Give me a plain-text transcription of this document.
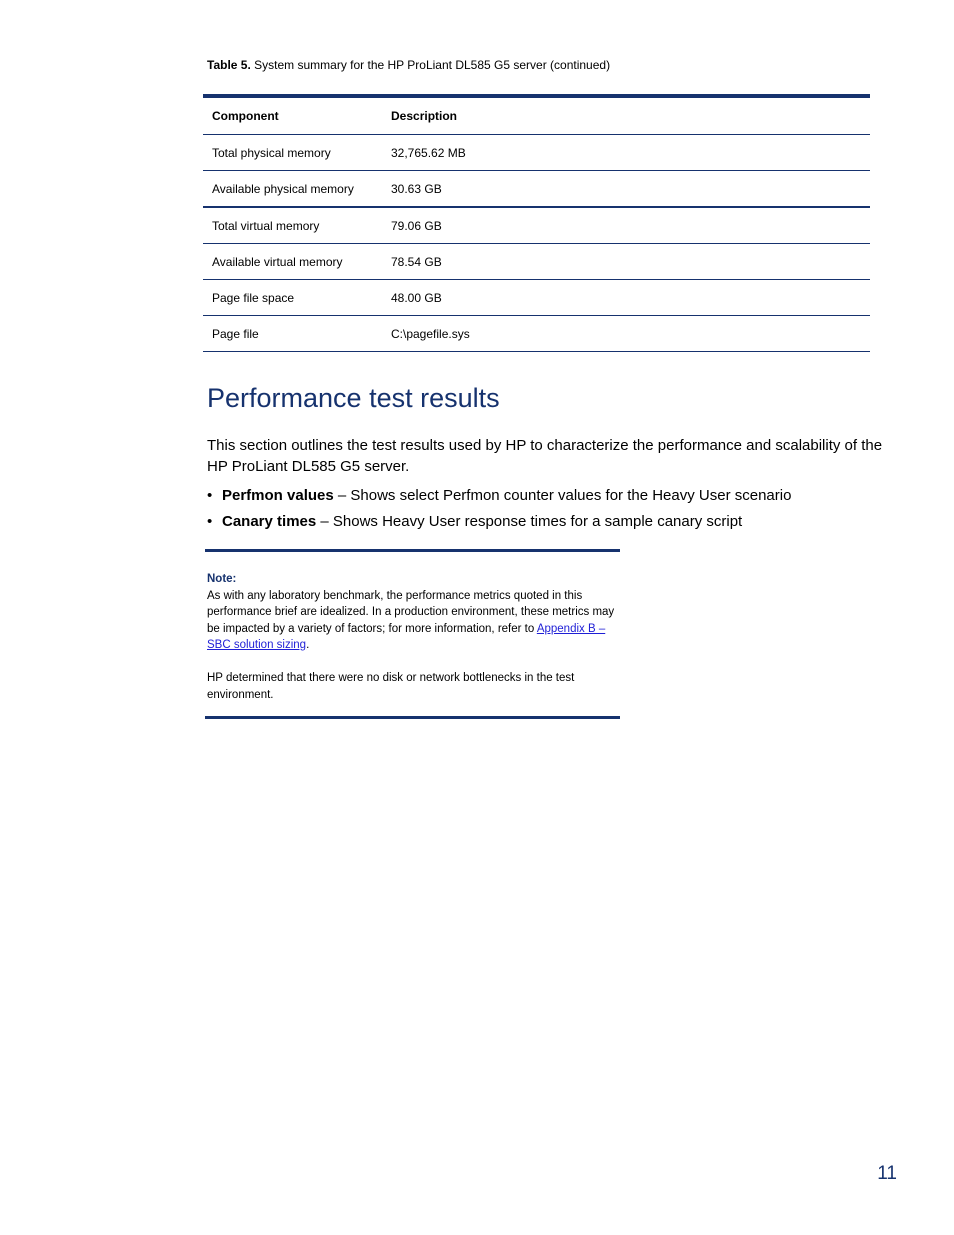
Table 5. System summary for the HP ProLiant DL585 G5 server (continued)
Component	Description
Total physical memory	32,765.62 MB
Available physical memory	30.63 GB
Total virtual memory	79.06 GB
Available virtual memory	78.54 GB
Page file space	48.00 GB
Page file	C:\pagefile.sys
Performance test results

This section outlines the test results used by HP to characterize the performance and scalability of the HP ProLiant DL585 G5 server.

• Perfmon values – Shows select Perfmon counter values for the Heavy User scenario
• Canary times – Shows Heavy User response times for a sample canary script

Note:

As with any laboratory benchmark, the performance metrics quoted in this performance brief are idealized. In a production environment, these metrics may be impacted by a variety of factors; for more information, refer to Appendix B – SBC solution sizing.

HP determined that there were no disk or network bottlenecks in the test environment.

11
